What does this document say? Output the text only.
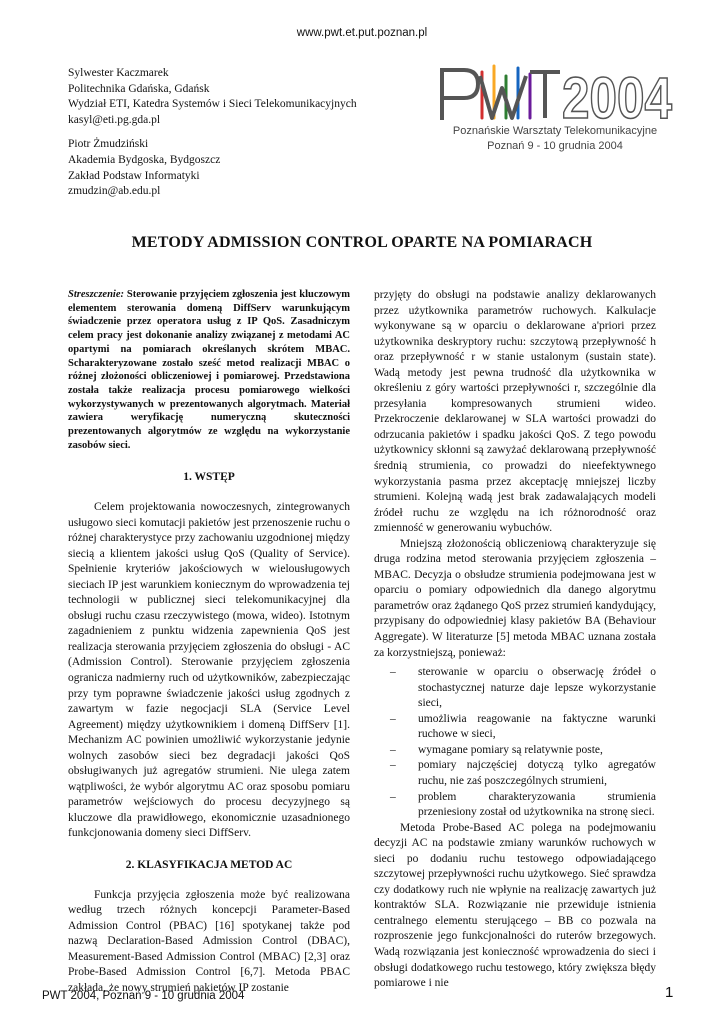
www.pwt.et.put.poznan.pl
Sylwester Kaczmarek
Politechnika Gdańska, Gdańsk
Wydział ETI, Katedra Systemów i Sieci Telekomunikacyjnych
kasyl@eti.pg.gda.pl
Piotr Żmudziński
Akademia Bydgoska, Bydgoszcz
Zakład Podstaw Informatyki
zmudzin@ab.edu.pl
2004
Poznańskie Warsztaty Telekomunikacyjne
Poznań 9 - 10 grudnia 2004
METODY ADMISSION CONTROL OPARTE NA POMIARACH
Streszczenie: Sterowanie przyjęciem zgłoszenia jest kluczowym elementem sterowania domeną DiffServ warunkującym świadczenie przez operatora usług z IP QoS. Zasadniczym celem pracy jest dokonanie analizy związanej z metodami AC opartymi na pomiarach określanych skrótem MBAC. Scharakteryzowane zostało sześć metod realizacji MBAC o różnej złożoności obliczeniowej i pomiarowej. Przedstawiona została także realizacja procesu pomiarowego wielkości wykorzystywanych w prezentowanych algorytmach. Materiał zawiera weryfikację numeryczną skuteczności prezentowanych algorytmów ze względu na wykorzystanie zasobów sieci.
1. WSTĘP

Celem projektowania nowoczesnych, zintegrowanych usługowo sieci komutacji pakietów jest przenoszenie ruchu o różnej charakterystyce przy zachowaniu uzgodnionej między siecią a klientem jakości usług QoS (Quality of Service). Spełnienie kryteriów jakościowych w wielousługowych sieciach IP jest warunkiem koniecznym do wprowadzenia tej technologii w publicznej sieci telekomunikacyjnej dla obsługi ruchu czasu rzeczywistego (mowa, wideo). Istotnym zagadnieniem z punktu widzenia zapewnienia QoS jest realizacja sterowania przyjęciem zgłoszenia do obsługi - AC (Admission Control). Sterowanie przyjęciem zgłoszenia ogranicza nadmierny ruch od użytkowników, zabezpieczając przy tym poprawne świadczenie jakości usług zgodnych z zawartym w fazie negocjacji SLA (Service Level Agreement) między użytkownikiem i domeną DiffServ [1]. Mechanizm AC powinien umożliwić wykorzystanie jedynie wolnych zasobów sieci bez degradacji jakości QoS obsługiwanych już agregatów strumieni. Nie ulega zatem wątpliwości, że wybór algorytmu AC oraz sposobu pomiaru parametrów wejściowych do procesu decyzyjnego są kluczowe dla prawidłowego, ekonomicznie uzasadnionego funkcjonowania domeny sieci DiffServ.

2. KLASYFIKACJA METOD AC

Funkcja przyjęcia zgłoszenia może być realizowana według trzech różnych koncepcji Parameter-Based Admission Control (PBAC) [16] spotykanej także pod nazwą Declaration-Based Admission Control (DBAC), Measurement-Based Admission Control (MBAC) [2,3] oraz Probe-Based Admission Control [6,7]. Metoda PBAC zakłada, że nowy strumień pakietów IP zostanie

przyjęty do obsługi na podstawie analizy deklarowanych przez użytkownika parametrów ruchowych. Kalkulacje wykonywane są w oparciu o deklarowane a'priori przez użytkownika deskryptory ruchu: szczytową przepływność h oraz przepływność r w stanie ustalonym (sustain state). Wadą metody jest pewna trudność dla użytkownika w określeniu z góry wartości przepływności r, szczególnie dla przesyłania kompresowanych strumieni wideo. Przekroczenie deklarowanej w SLA wartości prowadzi do odrzucania pakietów i spadku jakości QoS. Z tego powodu użytkownicy skłonni są zawyżać deklarowaną przepływność średnią strumienia, co prowadzi do nieefektywnego wykorzystania pasma przez akceptację mniejszej liczby strumieni. Kolejną wadą jest brak zadawalających modeli źródeł ruchu ze względu na ich różnorodność oraz zmienność w generowaniu wybuchów.

Mniejszą złożonością obliczeniową charakteryzuje się druga rodzina metod sterowania przyjęciem zgłoszenia – MBAC. Decyzja o obsłudze strumienia podejmowana jest w oparciu o pomiary odpowiednich dla danego algorytmu parametrów oraz żądanego QoS przez strumień kandydujący, przypisany do odpowiedniej klasy pakietów BA (Behaviour Aggregate). W literaturze [5] metoda MBAC uznana została za korzystniejszą, ponieważ:

– sterowanie w oparciu o obserwację źródeł o stochastycznej naturze daje lepsze wykorzystanie sieci,
– umożliwia reagowanie na faktyczne warunki ruchowe w sieci,
– wymagane pomiary są relatywnie poste,
– pomiary najczęściej dotyczą tylko agregatów ruchu, nie zaś poszczególnych strumieni,
– problem charakteryzowania strumienia przeniesiony został od użytkownika na stronę sieci.

Metoda Probe-Based AC polega na podejmowaniu decyzji AC na podstawie zmiany warunków ruchowych w sieci po dodaniu ruchu testowego odpowiadającego szczytowej przepływności ruchu użytkowego. Sieć sprawdza czy dodatkowy ruch nie wpłynie na realizację zawartych już kontraktów SLA. Rozwiązanie nie przewiduje istnienia centralnego elementu sterującego – BB co pozwala na rozproszenie jego funkcjonalności do ruterów brzegowych. Wadą rozwiązania jest konieczność wprowadzenia do sieci i obsługi dodatkowego ruchu testowego, który zwiększa błędy pomiarowe i nie

PWT 2004, Poznań 9 - 10 grudnia 2004	1
